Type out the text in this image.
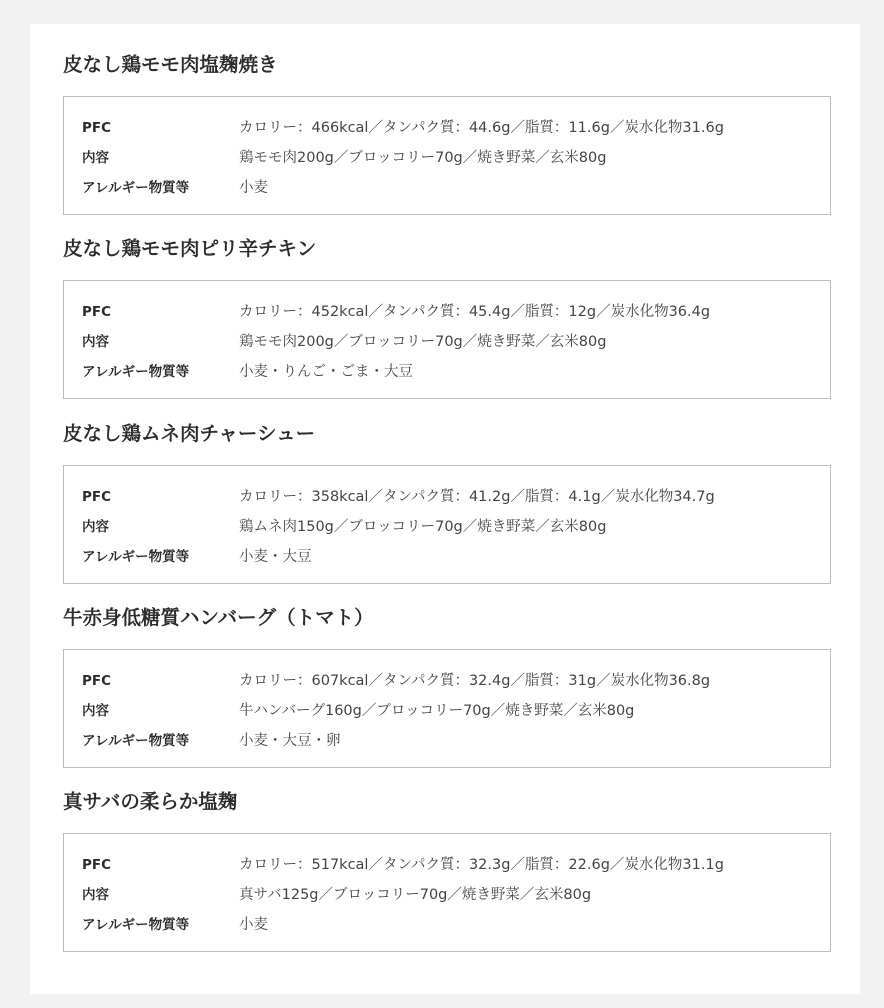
皮なし鶏モモ肉塩麹焼き
PFC	カロリー：466kcal／タンパク質：44.6g／脂質：11.6g／炭水化物31.6g
内容	鶏モモ肉200g／ブロッコリー70g／焼き野菜／玄米80g
アレルギー物質等	小麦
皮なし鶏モモ肉ピリ辛チキン
PFC	カロリー：452kcal／タンパク質：45.4g／脂質：12g／炭水化物36.4g
内容	鶏モモ肉200g／ブロッコリー70g／焼き野菜／玄米80g
アレルギー物質等	小麦・りんご・ごま・大豆
皮なし鶏ムネ肉チャーシュー
PFC	カロリー：358kcal／タンパク質：41.2g／脂質：4.1g／炭水化物34.7g
内容	鶏ムネ肉150g／ブロッコリー70g／焼き野菜／玄米80g
アレルギー物質等	小麦・大豆
牛赤身低糖質ハンバーグ（トマト）
PFC	カロリー：607kcal／タンパク質：32.4g／脂質：31g／炭水化物36.8g
内容	牛ハンバーグ160g／ブロッコリー70g／焼き野菜／玄米80g
アレルギー物質等	小麦・大豆・卵
真サバの柔らか塩麹
PFC	カロリー：517kcal／タンパク質：32.3g／脂質：22.6g／炭水化物31.1g
内容	真サバ125g／ブロッコリー70g／焼き野菜／玄米80g
アレルギー物質等	小麦
